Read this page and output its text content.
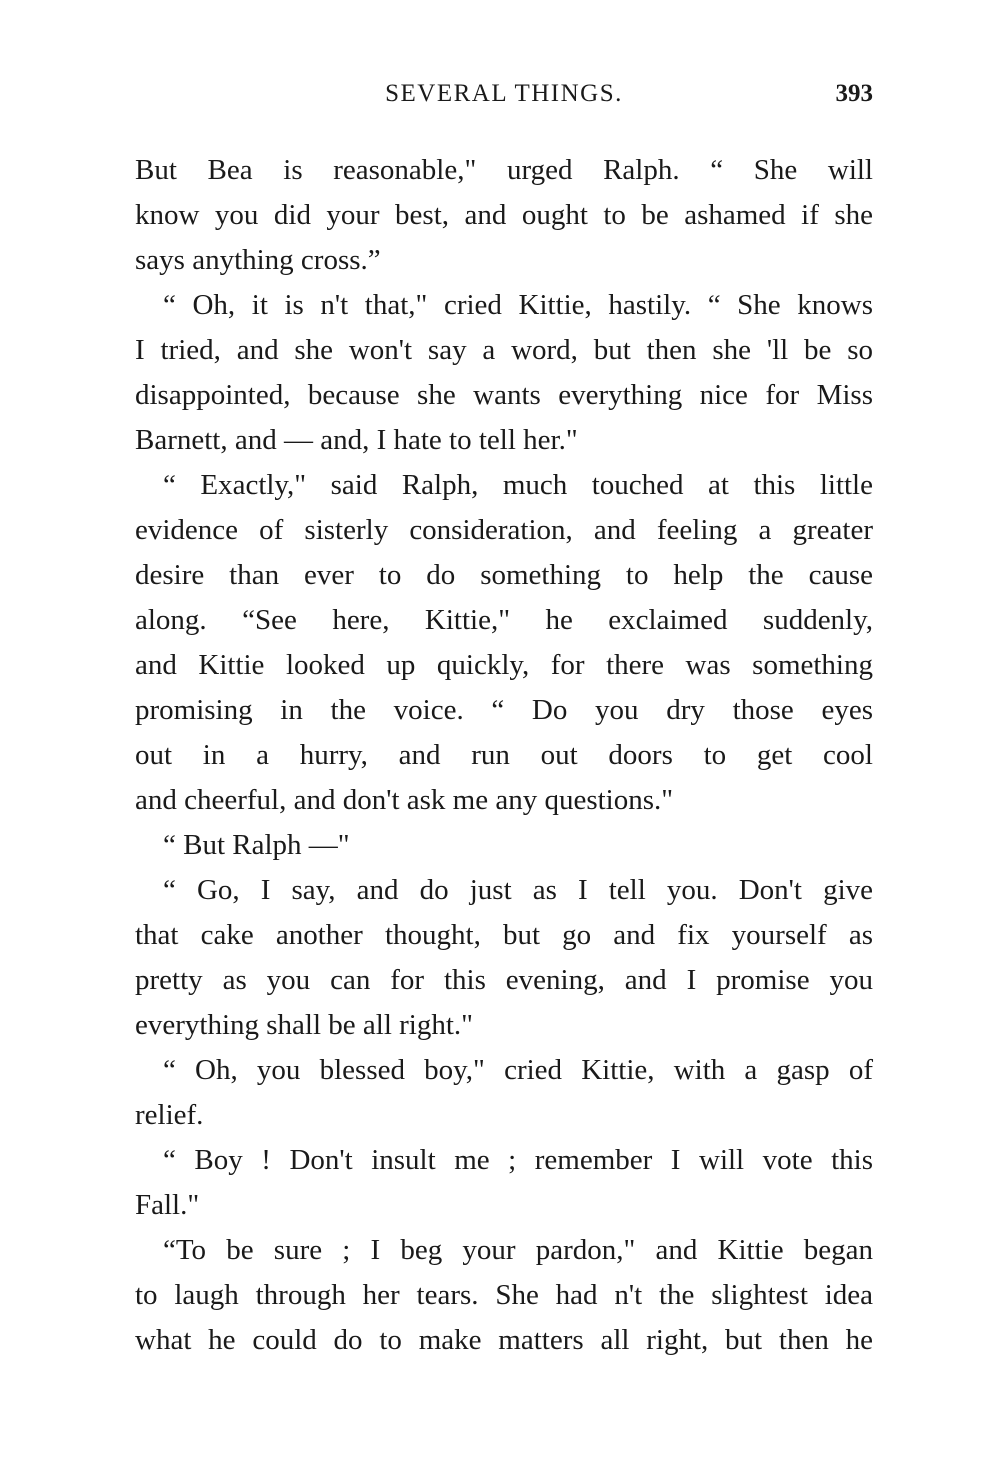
SEVERAL THINGS.	393
But Bea is reasonable," urged Ralph. “ She will
know you did your best, and ought to be ashamed if she
says anything cross.”
“ Oh, it is n't that," cried Kittie, hastily. “ She knows
I tried, and she won't say a word, but then she 'll be so
disappointed, because she wants everything nice for Miss
Barnett, and — and, I hate to tell her."
“ Exactly," said Ralph, much touched at this little
evidence of sisterly consideration, and feeling a greater
desire than ever to do something to help the cause
along. “See here, Kittie," he exclaimed suddenly,
and Kittie looked up quickly, for there was something
promising in the voice. “ Do you dry those eyes
out in a hurry, and run out doors to get cool
and cheerful, and don't ask me any questions."
“ But Ralph —"
“ Go, I say, and do just as I tell you. Don't give
that cake another thought, but go and fix yourself as
pretty as you can for this evening, and I promise you
everything shall be all right."
“ Oh, you blessed boy," cried Kittie, with a gasp of
relief.
“ Boy ! Don't insult me ; remember I will vote this
Fall."
“To be sure ; I beg your pardon," and Kittie began
to laugh through her tears. She had n't the slightest idea
what he could do to make matters all right, but then he
